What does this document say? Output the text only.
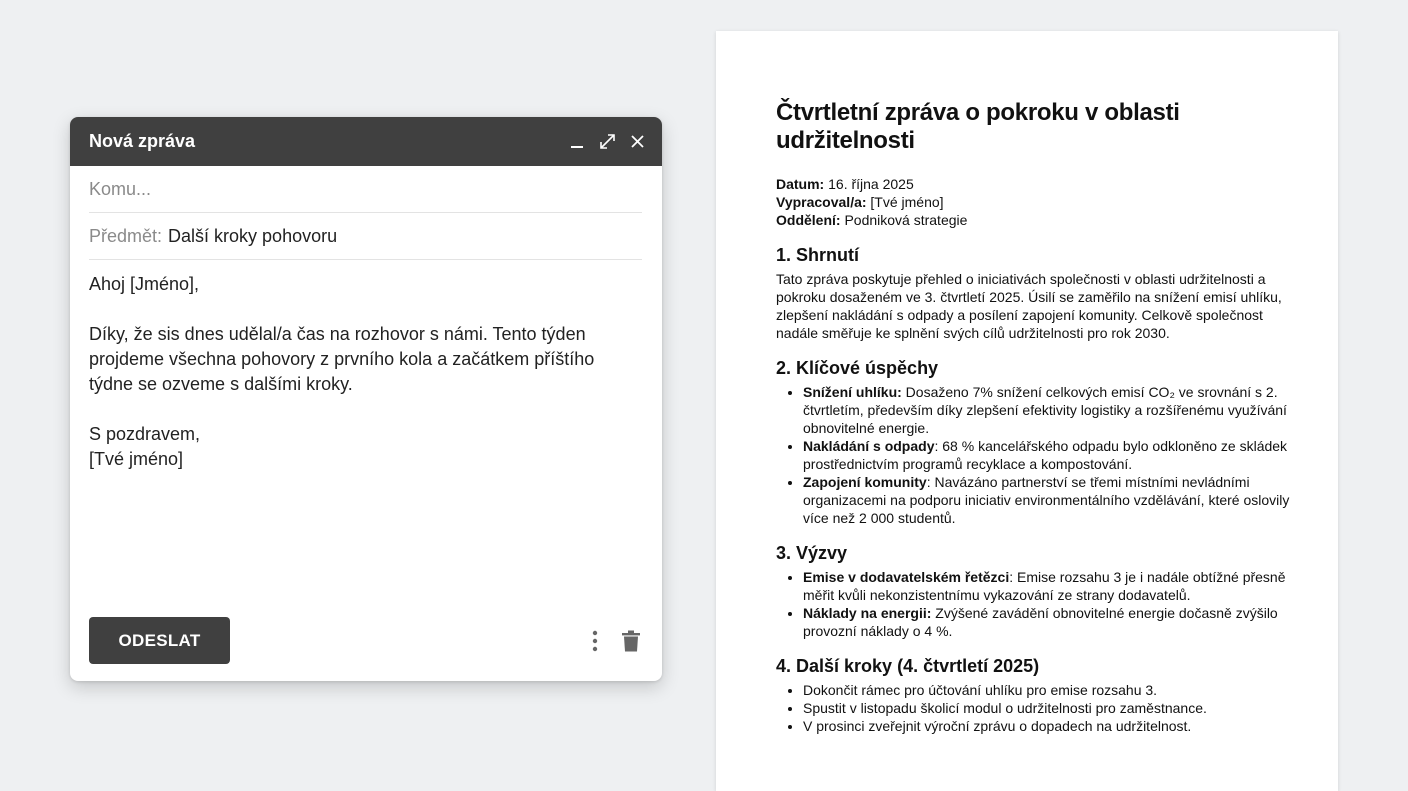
Nová zpráva
Komu...
Předmět: Další kroky pohovoru

Ahoj [Jméno],

Díky, že sis dnes udělal/a čas na rozhovor s námi. Tento týden projdeme všechna pohovory z prvního kola a začátkem příštího týdne se ozveme s dalšími kroky.

S pozdravem,
[Tvé jméno]

ODESLAT
Čtvrtletní zpráva o pokroku v oblasti udržitelnosti
Datum: 16. října 2025
Vypracoval/a: [Tvé jméno]
Oddělení: Podniková strategie
1. Shrnutí

Tato zpráva poskytuje přehled o iniciativách společnosti v oblasti udržitelnosti a pokroku dosaženém ve 3. čtvrtletí 2025. Úsilí se zaměřilo na snížení emisí uhlíku, zlepšení nakládání s odpady a posílení zapojení komunity. Celkově společnost nadále směřuje ke splnění svých cílů udržitelnosti pro rok 2030.

2. Klíčové úspěchy
• Snížení uhlíku: Dosaženo 7% snížení celkových emisí CO₂ ve srovnání s 2. čtvrtletím, především díky zlepšení efektivity logistiky a rozšířenému využívání obnovitelné energie.
• Nakládání s odpady: 68 % kancelářského odpadu bylo odkloněno ze skládek prostřednictvím programů recyklace a kompostování.
• Zapojení komunity: Navázáno partnerství se třemi místními nevládními organizacemi na podporu iniciativ environmentálního vzdělávání, které oslovily více než 2 000 studentů.
3. Výzvy
• Emise v dodavatelském řetězci: Emise rozsahu 3 je i nadále obtížné přesně měřit kvůli nekonzistentnímu vykazování ze strany dodavatelů.
• Náklady na energii: Zvýšené zavádění obnovitelné energie dočasně zvýšilo provozní náklady o 4 %.
4. Další kroky (4. čtvrtletí 2025)
• Dokončit rámec pro účtování uhlíku pro emise rozsahu 3.
• Spustit v listopadu školicí modul o udržitelnosti pro zaměstnance.
• V prosinci zveřejnit výroční zprávu o dopadech na udržitelnost.
